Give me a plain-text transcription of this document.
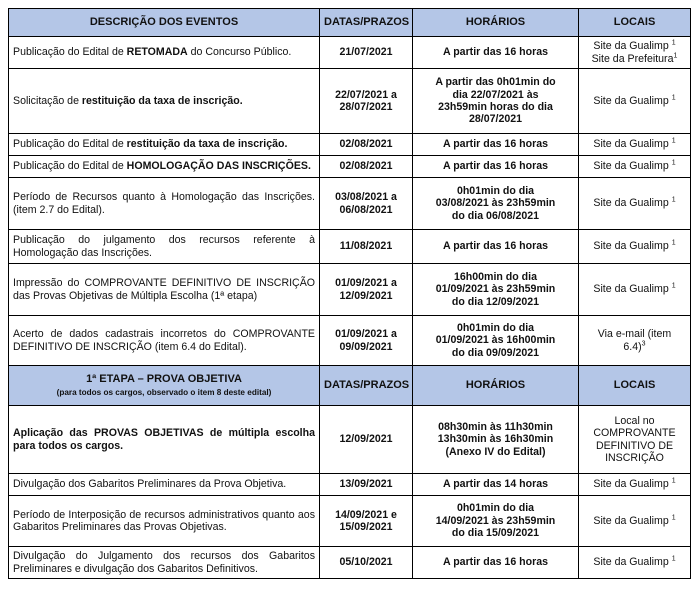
DESCRIÇÃO DOS EVENTOS	DATAS/PRAZOS	HORÁRIOS	LOCAIS
Publicação do Edital de RETOMADA do Concurso Público.	21/07/2021	A partir das 16 horas	Site da Gualimp $^1$
Site da Prefeitura$^1$

Solicitação de restituição da taxa de inscrição.	22/07/2021 a
28/07/2021	A partir das 0h01min do
dia 22/07/2021 às
23h59min horas do dia
28/07/2021	Site da Gualimp $^1$
Publicação do Edital de restituição da taxa de inscrição.	02/08/2021	A partir das 16 horas	Site da Gualimp $^1$
Publicação do Edital de HOMOLOGAÇÃO DAS INSCRIÇÕES.	02/08/2021	A partir das 16 horas	Site da Gualimp $^1$
Período de Recursos quanto à Homologação das Inscrições. (item 2.7 do Edital).	03/08/2021 a
06/08/2021	0h01min do dia
03/08/2021 às 23h59min
do dia 06/08/2021	Site da Gualimp $^1$
Publicação do julgamento dos recursos referente à Homologação das Inscrições.	11/08/2021	A partir das 16 horas	Site da Gualimp $^1$
Impressão do COMPROVANTE DEFINITIVO DE INSCRIÇÃO das Provas Objetivas de Múltipla Escolha (1ª etapa)	01/09/2021 a
12/09/2021	16h00min do dia
01/09/2021 às 23h59min
do dia 12/09/2021	Site da Gualimp $^1$
Acerto de dados cadastrais incorretos do COMPROVANTE DEFINITIVO DE INSCRIÇÃO (item 6.4 do Edital).	01/09/2021 a
09/09/2021	0h01min do dia
01/09/2021 às 16h00min
do dia 09/09/2021	Via e-mail (item
6.4)$^3$

1ª ETAPA – PROVA OBJETIVA
(para todos os cargos, observado o item 8 deste edital)	DATAS/PRAZOS	HORÁRIOS	LOCAIS
Aplicação das PROVAS OBJETIVAS de múltipla escolha para todos os cargos.	12/09/2021	08h30min às 11h30min
13h30min às 16h30min
(Anexo IV do Edital)	Local no
COMPROVANTE
DEFINITIVO DE
INSCRIÇÃO

Divulgação dos Gabaritos Preliminares da Prova Objetiva.	13/09/2021	A partir das 14 horas	Site da Gualimp $^1$
Período de Interposição de recursos administrativos quanto aos Gabaritos Preliminares das Provas Objetivas.	14/09/2021 e
15/09/2021	0h01min do dia
14/09/2021 às 23h59min
do dia 15/09/2021	Site da Gualimp $^1$
Divulgação do Julgamento dos recursos dos Gabaritos Preliminares e divulgação dos Gabaritos Definitivos.	05/10/2021	A partir das 16 horas	Site da Gualimp $^1$
